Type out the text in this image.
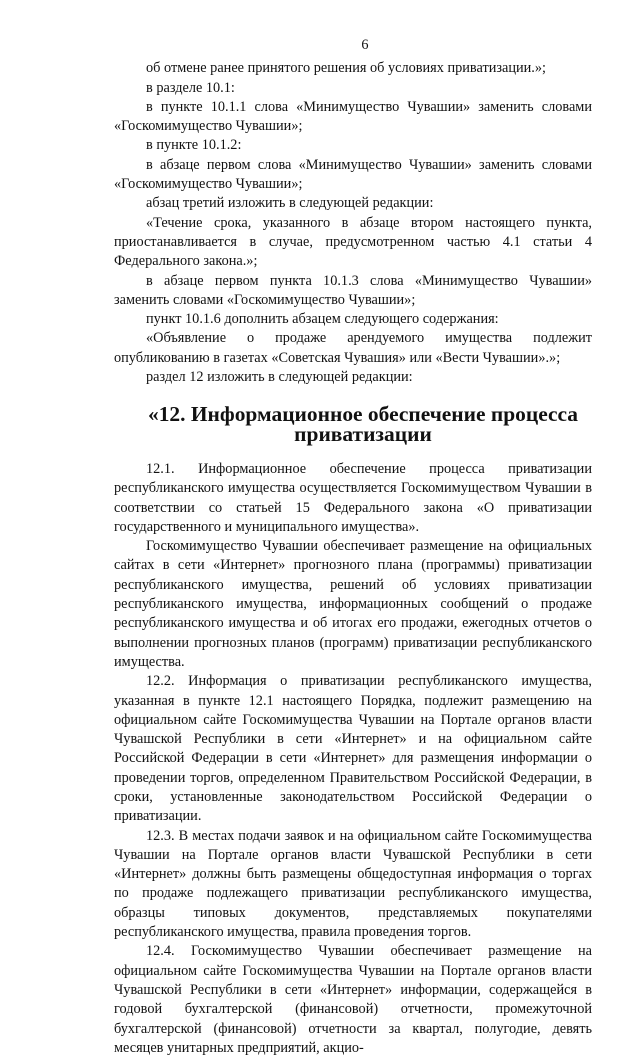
6

об отмене ранее принятого решения об условиях приватизации.»;

в разделе 10.1:

в пункте 10.1.1 слова «Минимущество Чувашии» заменить словами «Госкомимущество Чувашии»;

в пункте 10.1.2:

в абзаце первом слова «Минимущество Чувашии» заменить словами «Госкомимущество Чувашии»;

абзац третий изложить в следующей редакции:

«Течение срока, указанного в абзаце втором настоящего пункта, приостанавливается в случае, предусмотренном частью 4.1 статьи 4 Федерального закона.»;

в абзаце первом пункта 10.1.3 слова «Минимущество Чувашии» заменить словами «Госкомимущество Чувашии»;

пункт 10.1.6 дополнить абзацем следующего содержания:

«Объявление о продаже арендуемого имущества подлежит опубликованию в газетах «Советская Чувашия» или «Вести Чувашии».»;

раздел 12 изложить в следующей редакции:

«12. Информационное обеспечение процесса приватизации

12.1. Информационное обеспечение процесса приватизации республиканского имущества осуществляется Госкомимуществом Чувашии в соответствии со статьей 15 Федерального закона «О приватизации государственного и муниципального имущества».

Госкомимущество Чувашии обеспечивает размещение на официальных сайтах в сети «Интернет» прогнозного плана (программы) приватизации республиканского имущества, решений об условиях приватизации республиканского имущества, информационных сообщений о продаже республиканского имущества и об итогах его продажи, ежегодных отчетов о выполнении прогнозных планов (программ) приватизации республиканского имущества.

12.2. Информация о приватизации республиканского имущества, указанная в пункте 12.1 настоящего Порядка, подлежит размещению на официальном сайте Госкомимущества Чувашии на Портале органов власти Чувашской Республики в сети «Интернет» и на официальном сайте Российской Федерации в сети «Интернет» для размещения информации о проведении торгов, определенном Правительством Российской Федерации, в сроки, установленные законодательством Российской Федерации о приватизации.

12.3. В местах подачи заявок и на официальном сайте Госкомимущества Чувашии на Портале органов власти Чувашской Республики в сети «Интернет» должны быть размещены общедоступная информация о торгах по продаже подлежащего приватизации республиканского имущества, образцы типовых документов, представляемых покупателями республиканского имущества, правила проведения торгов.

12.4. Госкомимущество Чувашии обеспечивает размещение на официальном сайте Госкомимущества Чувашии на Портале органов власти Чувашской Республики в сети «Интернет» информации, содержащейся в годовой бухгалтерской (финансовой) отчетности, промежуточной бухгалтерской (финансовой) отчетности за квартал, полугодие, девять месяцев унитарных предприятий, акцио-
